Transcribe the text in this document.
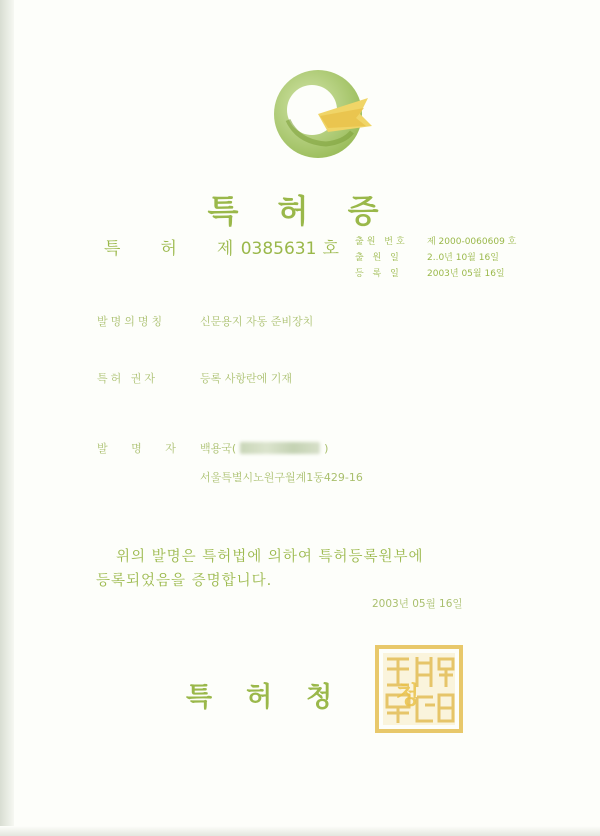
특 허 증
특 허 제 0385631 호 출원 번호	제 2000-0060609 호
출 원 일	2..0년 10월 16일
등 록 일	2003년 05월 16일
발명의명칭	신문용지 자동 준비장치
특허 권자	등록 사항란에 기재
발 명 자 백용국(	)
서울특별시노원구월계1동429-16
위의 발명은 특허법에 의하여 특허등록원부에
등록되었음을 증명합니다.
2003년 05월 16일
청
특허청
